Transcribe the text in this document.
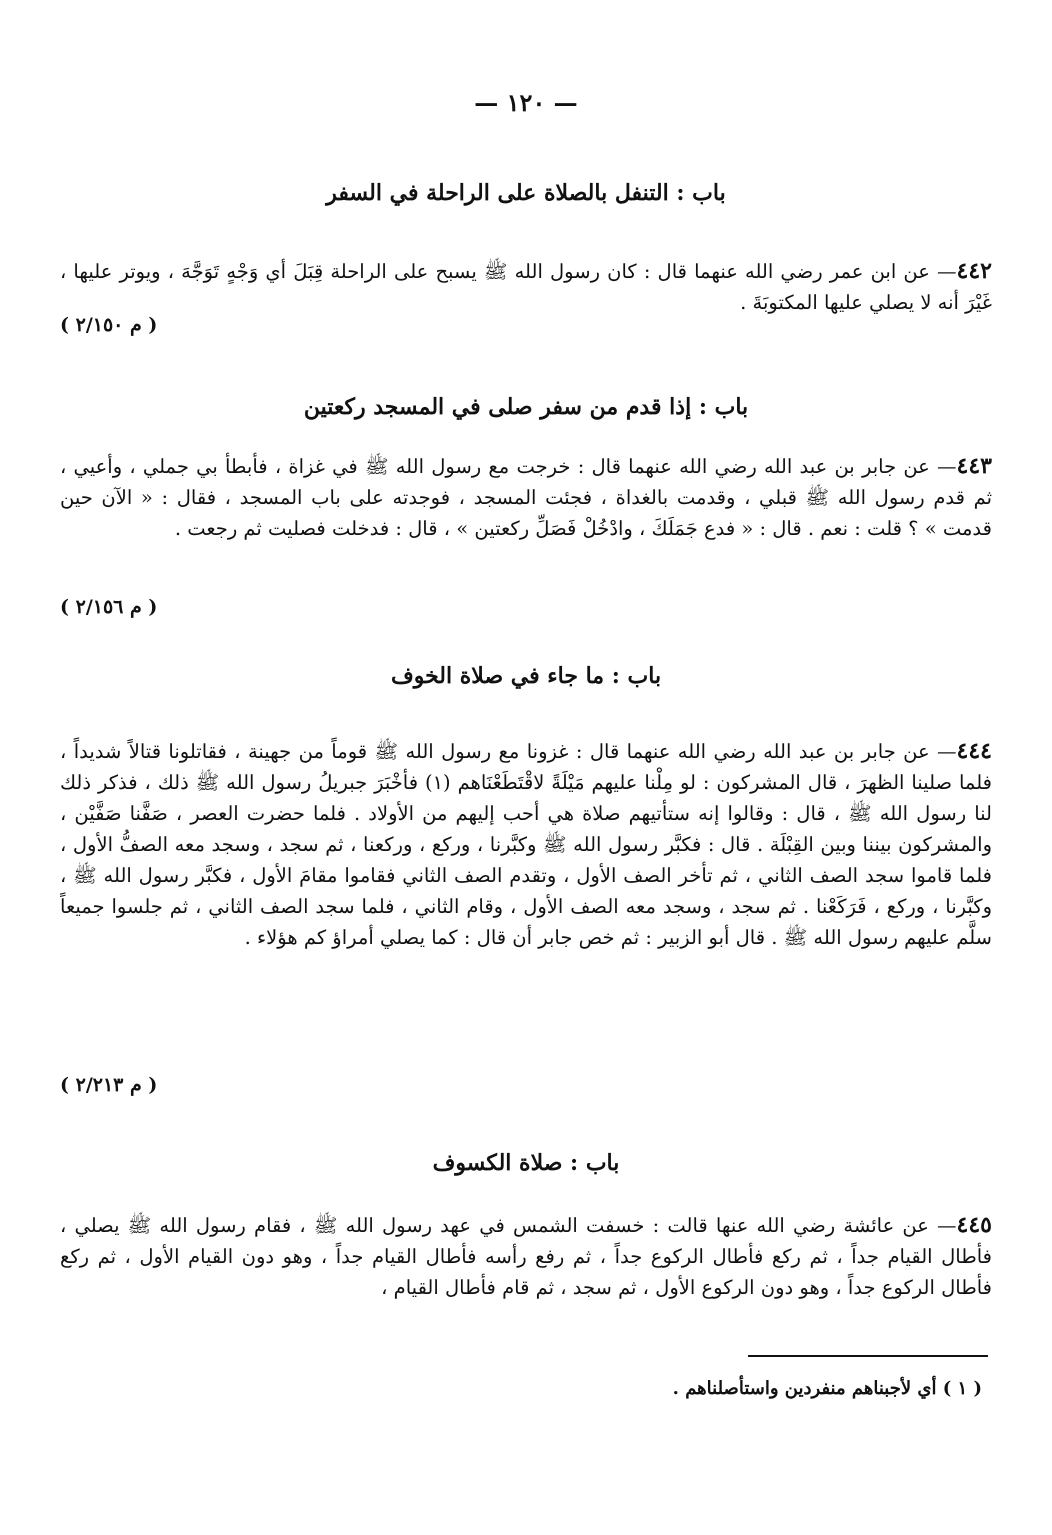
— ١٢٠ —
باب : التنفل بالصلاة على الراحلة في السفر
٤٤٢— عن ابن عمر رضي الله عنهما قال : كان رسول الله ﷺ يسبح على الراحلة قِبَلَ أي وَجْهٍ تَوَجَّهَ ، ويوتر عليها ، غَيْرَ أنه لا يصلي عليها المكتوبَةَ .
( م ٢/١٥٠ )
باب : إذا قدم من سفر صلى في المسجد ركعتين
٤٤٣— عن جابر بن عبد الله رضي الله عنهما قال : خرجت مع رسول الله ﷺ في غزاة ، فأبطأ بي جملي ، وأعيي ، ثم قدم رسول الله ﷺ قبلي ، وقدمت بالغداة ، فجئت المسجد ، فوجدته على باب المسجد ، فقال : « الآن حين قدمت » ؟ قلت : نعم . قال : « فدع جَمَلَكَ ، وادْخُلْ فَصَلِّ ركعتين » ، قال : فدخلت فصليت ثم رجعت .
( م ٢/١٥٦ )
باب : ما جاء في صلاة الخوف
٤٤٤— عن جابر بن عبد الله رضي الله عنهما قال : غزونا مع رسول الله ﷺ قوماً من جهينة ، فقاتلونا قتالاً شديداً ، فلما صلينا الظهرَ ، قال المشركون : لو مِلْنا عليهم مَيْلَةً لاقْتَطَعْنَاهم (١) فأخْبَرَ جبريلُ رسول الله ﷺ ذلك ، فذكر ذلك لنا رسول الله ﷺ ، قال : وقالوا إنه ستأتيهم صلاة هي أحب إليهم من الأولاد . فلما حضرت العصر ، صَفَّنا صَفَّيْن ، والمشركون بيننا وبين القِبْلَة . قال : فكبَّر رسول الله ﷺ وكبَّرنا ، وركع ، وركعنا ، ثم سجد ، وسجد معه الصفُّ الأول ، فلما قاموا سجد الصف الثاني ، ثم تأخر الصف الأول ، وتقدم الصف الثاني فقاموا مقامَ الأول ، فكبَّر رسول الله ﷺ ، وكبَّرنا ، وركع ، فَرَكَعْنا . ثم سجد ، وسجد معه الصف الأول ، وقام الثاني ، فلما سجد الصف الثاني ، ثم جلسوا جميعاً سلَّم عليهم رسول الله ﷺ . قال أبو الزبير : ثم خص جابر أن قال : كما يصلي أمراؤ كم هؤلاء .
( م ٢/٢١٣ )
باب : صلاة الكسوف
٤٤٥— عن عائشة رضي الله عنها قالت : خسفت الشمس في عهد رسول الله ﷺ ، فقام رسول الله ﷺ يصلي ، فأطال القيام جداً ، ثم ركع فأطال الركوع جداً ، ثم رفع رأسه فأطال القيام جداً ، وهو دون القيام الأول ، ثم ركع فأطال الركوع جداً ، وهو دون الركوع الأول ، ثم سجد ، ثم قام فأطال القيام ،
( ١ ) أي لأجبناهم منفردين واستأصلناهم .
